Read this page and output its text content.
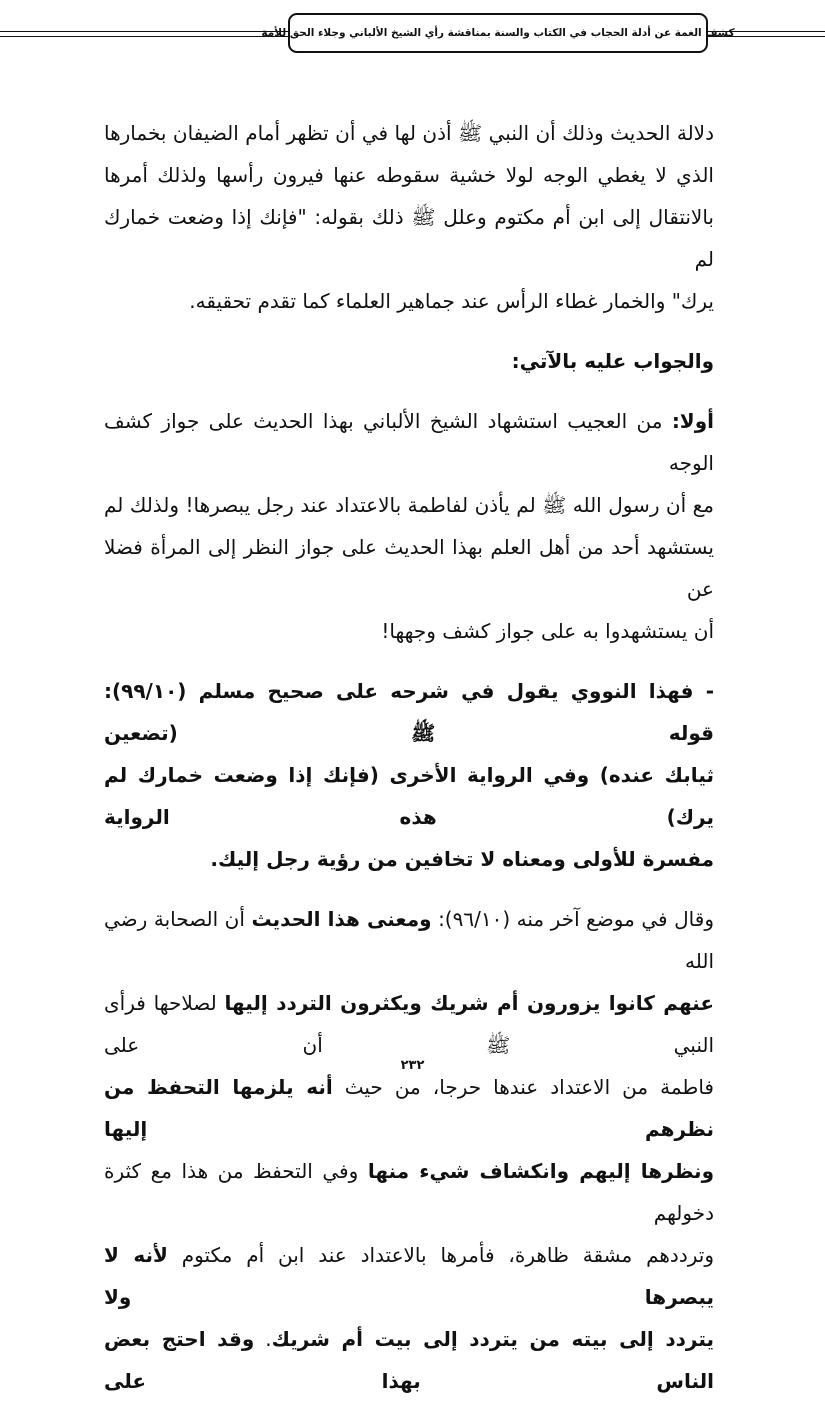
كشف الغمة عن أدلة الحجاب في الكتاب والسنة بمناقشة رأي الشيخ الألباني وجلاء الحق للأمة

دلالة الحديث وذلك أن النبي ﷺ أذن لها في أن تظهر أمام الضيفان بخمارها
الذي لا يغطي الوجه لولا خشية سقوطه عنها فيرون رأسها ولذلك أمرها
بالانتقال إلى ابن أم مكتوم وعلل ﷺ ذلك بقوله: "فإنك إذا وضعت خمارك لم
يرك" والخمار غطاء الرأس عند جماهير العلماء كما تقدم تحقيقه.

والجواب عليه بالآتي:

أولا: من العجيب استشهاد الشيخ الألباني بهذا الحديث على جواز كشف الوجه
مع أن رسول الله ﷺ لم يأذن لفاطمة بالاعتداد عند رجل يبصرها! ولذلك لم
يستشهد أحد من أهل العلم بهذا الحديث على جواز النظر إلى المرأة فضلا عن
أن يستشهدوا به على جواز كشف وجهها!

- فهذا النووي يقول في شرحه على صحيح مسلم (٩٩/١٠): قوله ﷺ (تضعين
ثيابك عنده) وفي الرواية الأخرى (فإنك إذا وضعت خمارك لم يرك) هذه الرواية
مفسرة للأولى ومعناه لا تخافين من رؤية رجل إليك.

وقال في موضع آخر منه (٩٦/١٠): ومعنى هذا الحديث أن الصحابة رضي الله
عنهم كانوا يزورون أم شريك ويكثرون التردد إليها لصلاحها فرأى النبي ﷺ أن على
فاطمة من الاعتداد عندها حرجا، من حيث أنه يلزمها التحفظ من نظرهم إليها
ونظرها إليهم وانكشاف شيء منها وفي التحفظ من هذا مع كثرة دخولهم
وترددهم مشقة ظاهرة، فأمرها بالاعتداد عند ابن أم مكتوم لأنه لا يبصرها ولا
يتردد إلى بيته من يتردد إلى بيت أم شريك. وقد احتج بعض الناس بهذا على

٢٣٢
